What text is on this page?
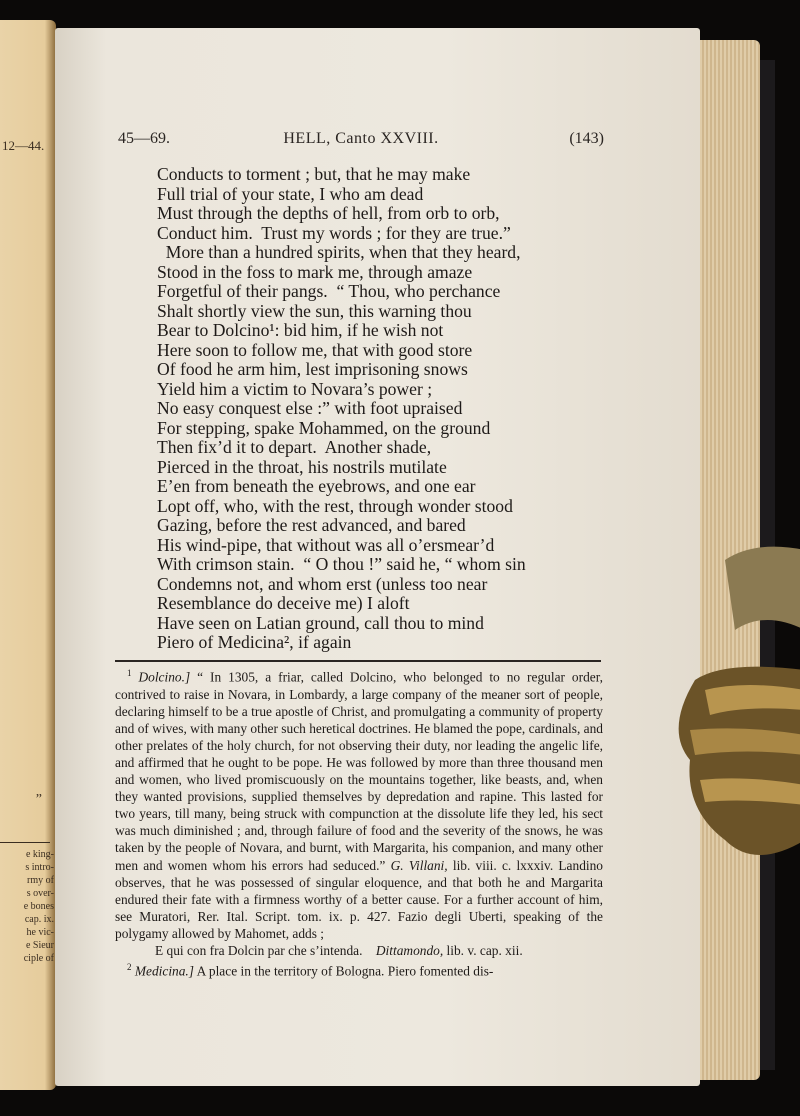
12—44.
”
e king-
s intro-
rmy of
s over-
e bones
cap. ix.
he vic-
e Sieur
ciple of
45—69.	HELL, Canto XXVIII.	(143)
Conducts to torment ; but, that he may make
Full trial of your state, I who am dead
Must through the depths of hell, from orb to orb,
Conduct him.  Trust my words ; for they are true.”
More than a hundred spirits, when that they heard,
Stood in the foss to mark me, through amaze
Forgetful of their pangs.  “ Thou, who perchance
Shalt shortly view the sun, this warning thou
Bear to Dolcino¹: bid him, if he wish not
Here soon to follow me, that with good store
Of food he arm him, lest imprisoning snows
Yield him a victim to Novara’s power ;
No easy conquest else :” with foot upraised
For stepping, spake Mohammed, on the ground
Then fix’d it to depart.  Another shade,
Pierced in the throat, his nostrils mutilate
E’en from beneath the eyebrows, and one ear
Lopt off, who, with the rest, through wonder stood
Gazing, before the rest advanced, and bared
His wind-pipe, that without was all o’ersmear’d
With crimson stain.  “ O thou !” said he, “ whom sin
Condemns not, and whom erst (unless too near
Resemblance do deceive me) I aloft
Have seen on Latian ground, call thou to mind
Piero of Medicina², if again

$^1$ Dolcino.] “ In 1305, a friar, called Dolcino, who belonged to no regular order, contrived to raise in Novara, in Lombardy, a large company of the meaner sort of people, declaring himself to be a true apostle of Christ, and promulgating a community of property and of wives, with many other such heretical doctrines. He blamed the pope, cardinals, and other prelates of the holy church, for not observing their duty, nor leading the angelic life, and affirmed that he ought to be pope. He was followed by more than three thousand men and women, who lived promiscuously on the mountains together, like beasts, and, when they wanted provisions, supplied themselves by depredation and rapine. This lasted for two years, till many, being struck with compunction at the dissolute life they led, his sect was much diminished ; and, through failure of food and the severity of the snows, he was taken by the people of Novara, and burnt, with Margarita, his companion, and many other men and women whom his errors had seduced.” G. Villani, lib. viii. c. lxxxiv. Landino observes, that he was possessed of singular eloquence, and that both he and Margarita endured their fate with a firmness worthy of a better cause. For a further account of him, see Muratori, Rer. Ital. Script. tom. ix. p. 427. Fazio degli Uberti, speaking of the polygamy allowed by Mahomet, adds ;

E qui con fra Dolcin par che s’intenda. Dittamondo, lib. v. cap. xii.

$^2$ Medicina.] A place in the territory of Bologna. Piero fomented dis-
